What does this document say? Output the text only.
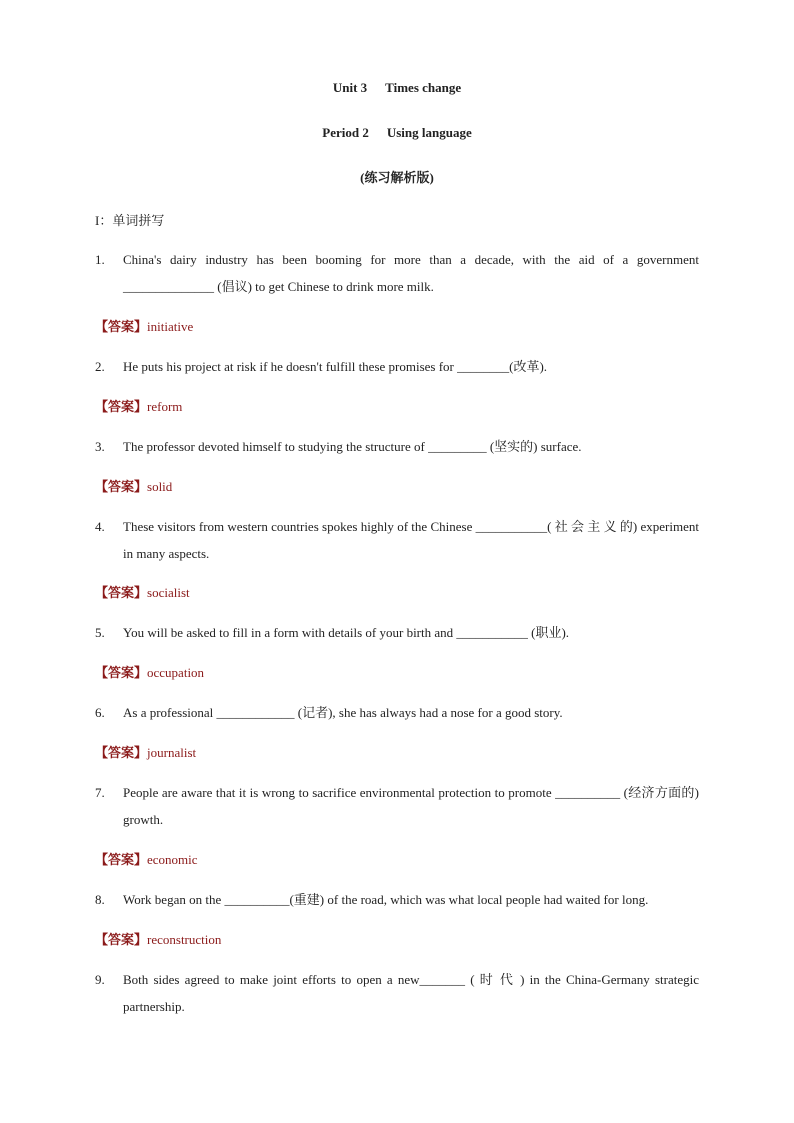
Unit 3 Times change
Period 2 Using language
(练习解析版)
I：单词拼写
1. China's dairy industry has been booming for more than a decade, with the aid of a government ______________ (倡议) to get Chinese to drink more milk.
【答案】initiative
2. He puts his project at risk if he doesn't fulfill these promises for ________(改革).
【答案】reform
3. The professor devoted himself to studying the structure of _________ (坚实的) surface.
【答案】solid
4. These visitors from western countries spokes highly of the Chinese ___________( 社 会 主 义 的) experiment in many aspects.
【答案】socialist
5. You will be asked to fill in a form with details of your birth and ___________ (职业).
【答案】occupation
6. As a professional ____________ (记者), she has always had a nose for a good story.
【答案】journalist
7. People are aware that it is wrong to sacrifice environmental protection to promote __________ (经济方面的) growth.
【答案】economic
8. Work began on the __________(重建) of the road, which was what local people had waited for long.
【答案】reconstruction
9. Both sides agreed to make joint efforts to open a new_______ ( 时 代 ) in the China-Germany strategic partnership.
